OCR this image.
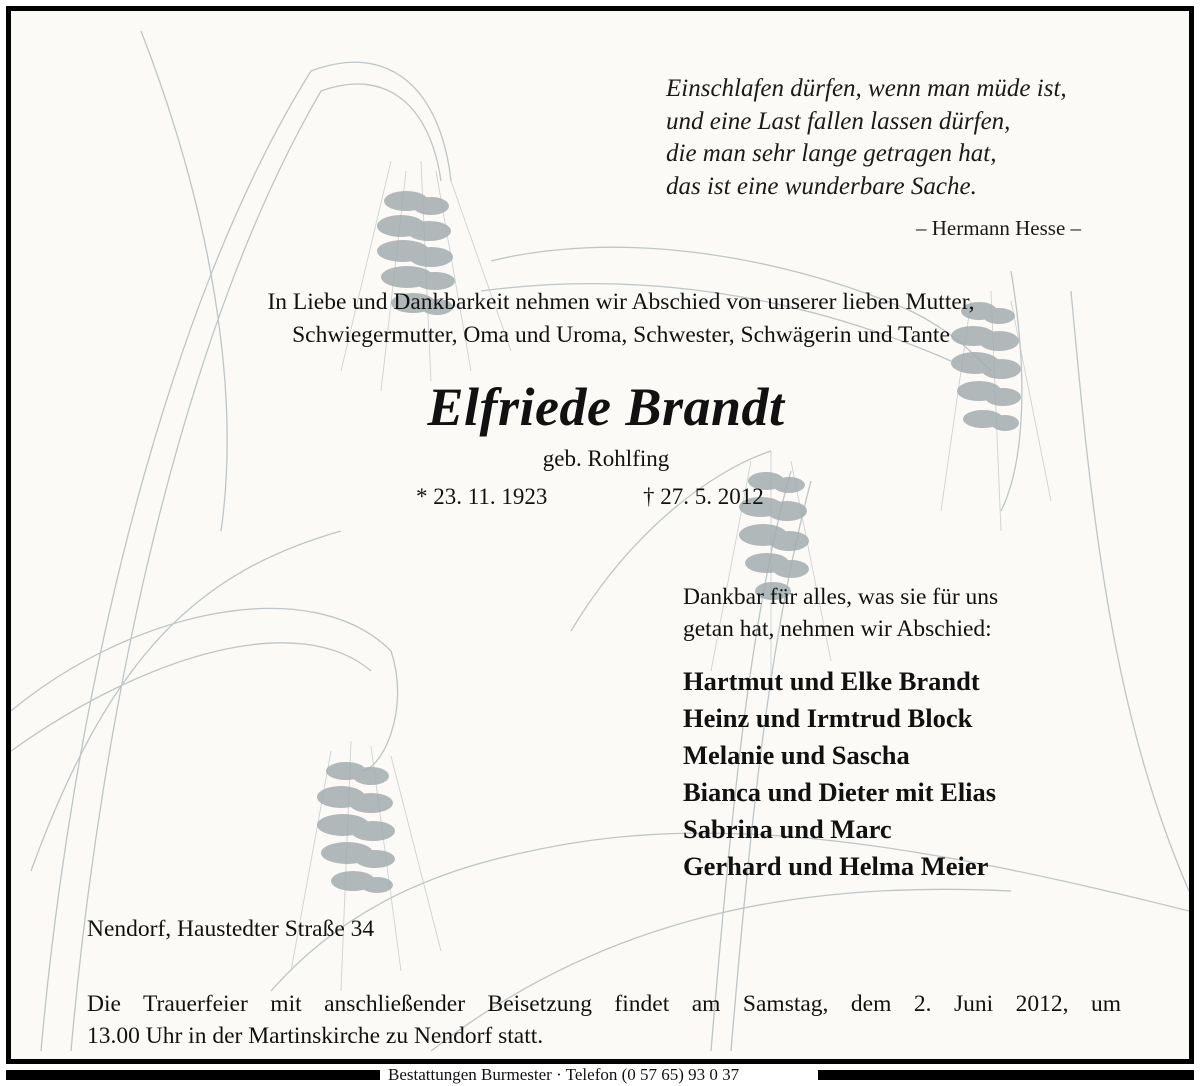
Einschlafen dürfen, wenn man müde ist,
und eine Last fallen lassen dürfen,
die man sehr lange getragen hat,
das ist eine wunderbare Sache.
– Hermann Hesse –
In Liebe und Dankbarkeit nehmen wir Abschied von unserer lieben Mutter,
Schwiegermutter, Oma und Uroma, Schwester, Schwägerin und Tante
Elfriede Brandt
geb. Rohlfing
* 23. 11. 1923	† 27. 5. 2012
Dankbar für alles, was sie für uns
getan hat, nehmen wir Abschied:
Hartmut und Elke Brandt
Heinz und Irmtrud Block
Melanie und Sascha
Bianca und Dieter mit Elias
Sabrina und Marc
Gerhard und Helma Meier
Nendorf, Haustedter Straße 34
Die Trauerfeier mit anschließender Beisetzung findet am Samstag, dem 2. Juni 2012, um
13.00 Uhr in der Martinskirche zu Nendorf statt.
Bestattungen Burmester · Telefon (0 57 65) 93 0 37
